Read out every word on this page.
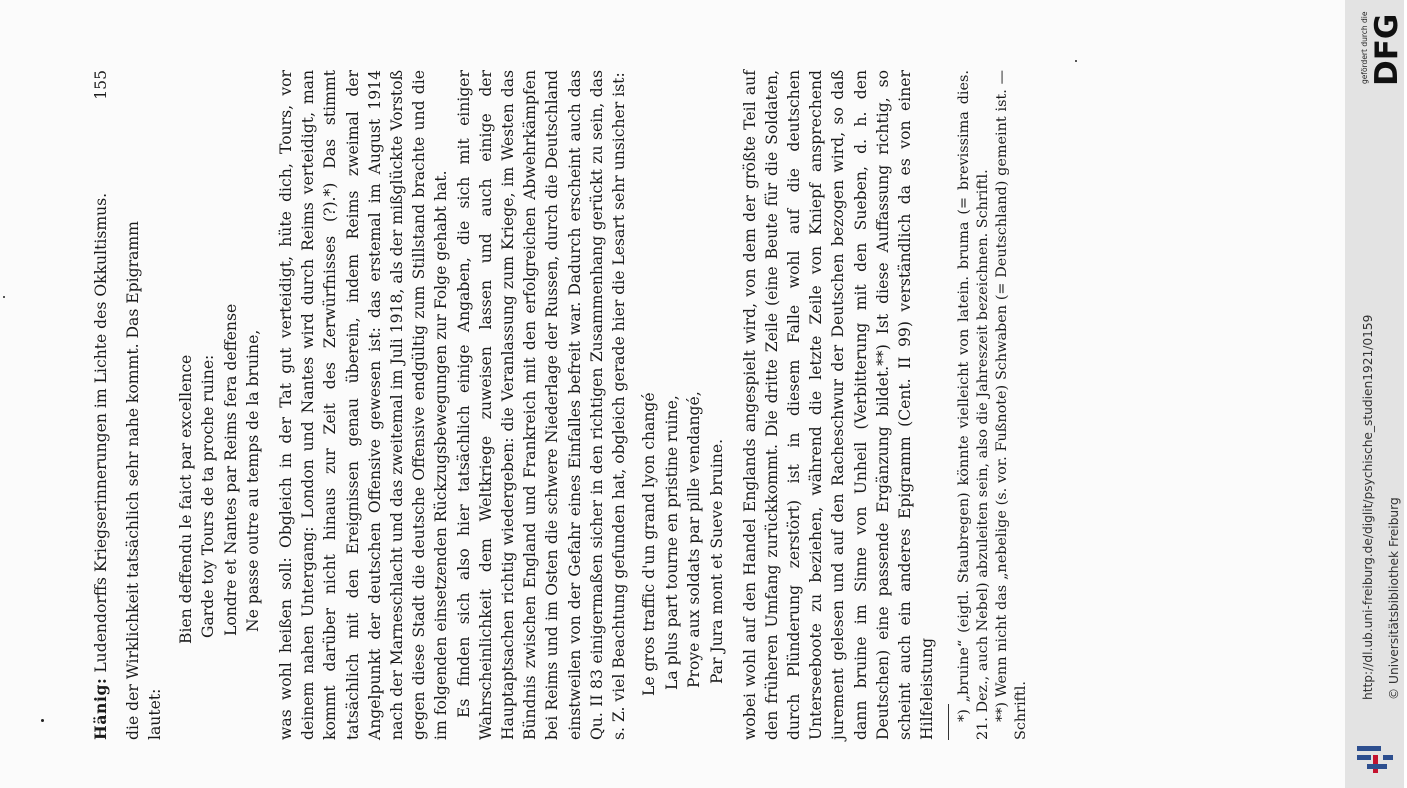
Hänig: Ludendorffs Kriegserinnerungen im Lichte des Okkultismus.
155

die der Wirklichkeit tatsächlich sehr nahe kommt. Das Epigramm lautet:

Bien deffendu le faict par excellence Garde toy Tours de ta proche ruine: Londre et Nantes par Reims fera deffense Ne passe outre au temps de la bruine, was wohl heißen soll: Obgleich in der Tat gut verteidigt, hüte dich, Tours, vor deinem nahen Untergang: London und Nantes wird durch Reims verteidigt, man kommt darüber nicht hinaus zur Zeit des Zerwürfnisses (?).*) Das stimmt tatsächlich mit den Ereignissen genau überein, indem Reims zweimal der Angelpunkt der deutschen Offensive gewesen ist: das erstemal im August 1914 nach der Marneschlacht und das zweitemal im Juli 1918, als der mißglückte Vorstoß gegen diese Stadt die deutsche Offensive endgültig zum Stillstand brachte und die im folgenden einsetzenden Rückzugsbewegungen zur Folge gehabt hat. Es finden sich also hier tatsächlich einige Angaben, die sich mit einiger Wahrscheinlichkeit dem Weltkriege zuweisen lassen und auch einige der Hauptaptsachen richtig wiedergeben: die Veranlassung zum Kriege, im Westen das Bündnis zwischen England und Frankreich mit den erfolgreichen Abwehrkämpfen bei Reims und im Osten die schwere Niederlage der Russen, durch die Deutschland einstweilen von der Gefahr eines Einfalles befreit war. Dadurch erscheint auch das Qu. II 83 einigermaßen sicher in den richtigen Zusammenhang gerückt zu sein, das s. Z. viel Beachtung gefunden hat, obgleich gerade hier die Lesart sehr unsicher ist: Le gros traffic d'un grand lyon changé La plus part tourne en pristine ruine, Proye aux soldats par pille vendangé, Par Jura mont et Sueve bruine. wobei wohl auf den Handel Englands angespielt wird, von dem der größte Teil auf den früheren Umfang zurückkommt. Die dritte Zeile (eine Beute für die Soldaten, durch Plünderung zerstört) ist in diesem Falle wohl auf die deutschen Unterseeboote zu beziehen, während die letzte Zeile von Kniepf ansprechend jurement gelesen und auf den Racheschwur der Deutschen bezogen wird, so daß dann bruine im Sinne von Unheil (Verbitterung mit den Sueben, d. h. den Deutschen) eine passende Ergänzung bildet.**) Ist diese Auffassung richtig, so scheint auch ein anderes Epigramm (Cent. II 99) verständlich da es von einer Hilfeleistung *) „bruine“ (eigtl. Staubregen) könnte vielleicht von latein. bruma (= brevissima dies. 21. Dez., auch Nebel) abzuleiten sein, also die Jahreszeit bezeichnen. Schriftl. **) Wenn nicht das „nebelige (s. vor. Fußnote) Schwaben (= Deutschland) gemeint ist. — Schriftl.

gefördert durch die DFG
http://dl.ub.uni-freiburg.de/diglit/psychische_studien1921/0159 © Universitätsbibliothek Freiburg
